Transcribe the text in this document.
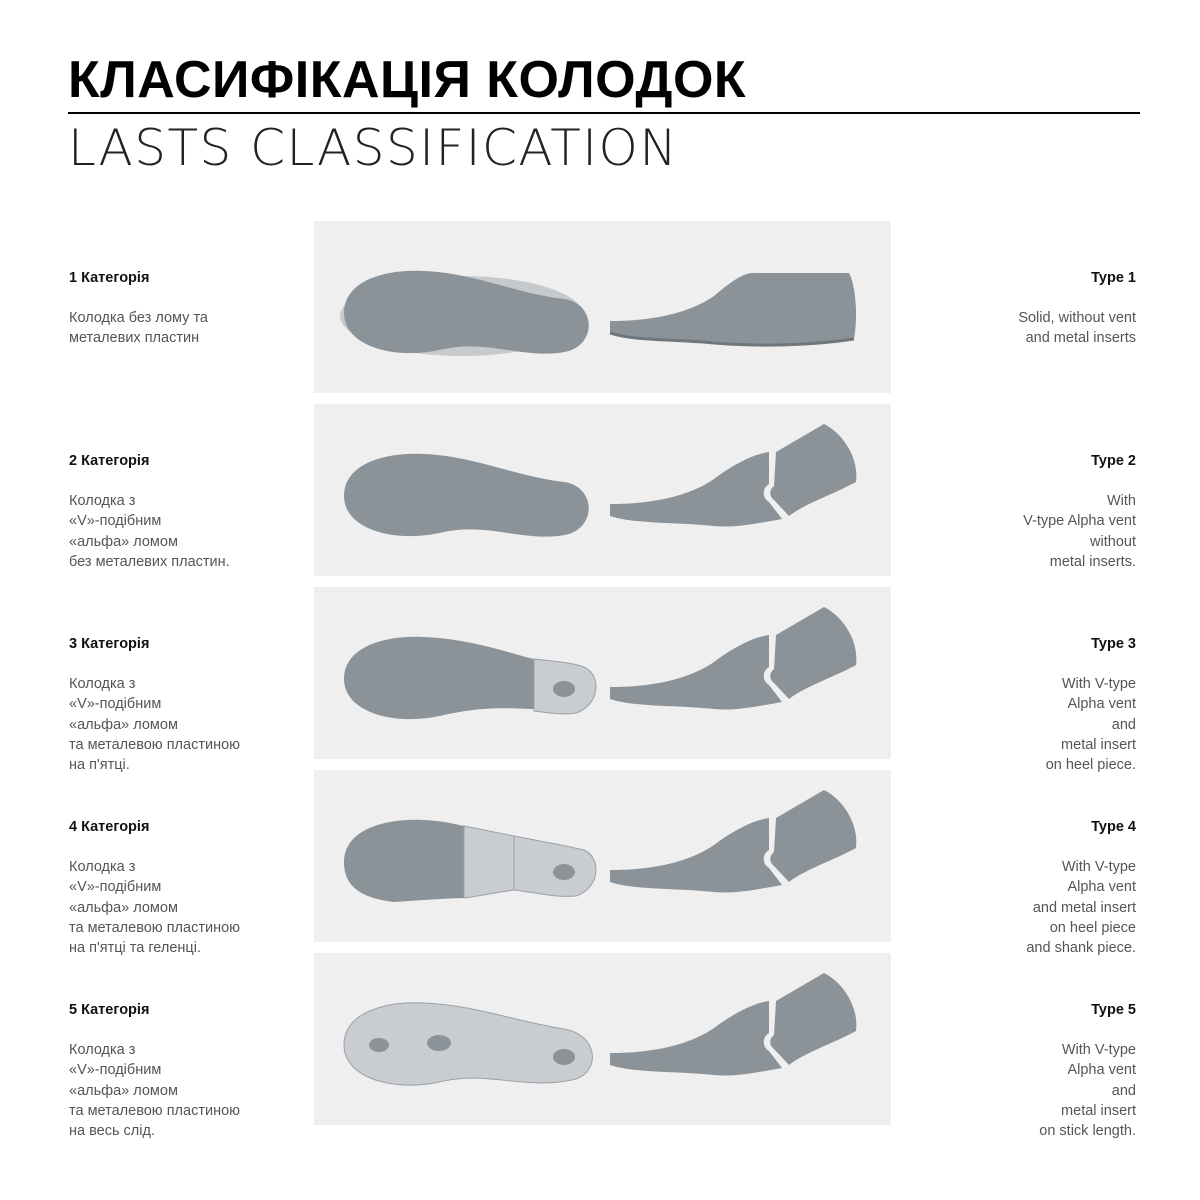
КЛАСИФІКАЦІЯ КОЛОДОК
LASTS CLASSIFICATION
1 Категорія
Колодка без лому та
металевих пластин
Type 1
Solid, without vent
and metal inserts
2 Категорія
Колодка з
«V»-подібним
«альфа» ломом
без металевих пластин.
Type 2
With
V-type Alpha vent
without
metal inserts.
3 Категорія
Колодка з
«V»-подібним
«альфа» ломом
та металевою пластиною
на п'ятці.
Type 3
With V-type
Alpha vent
and
metal insert
on heel piece.
4 Категорія
Колодка з
«V»-подібним
«альфа» ломом
та металевою пластиною
на п'ятці та геленці.
Type 4
With V-type
Alpha vent
and metal insert
on heel piece
and shank piece.
5 Категорія
Колодка з
«V»-подібним
«альфа» ломом
та металевою пластиною
на весь слід.
Type 5
With V-type
Alpha vent
and
metal insert
on stick length.
